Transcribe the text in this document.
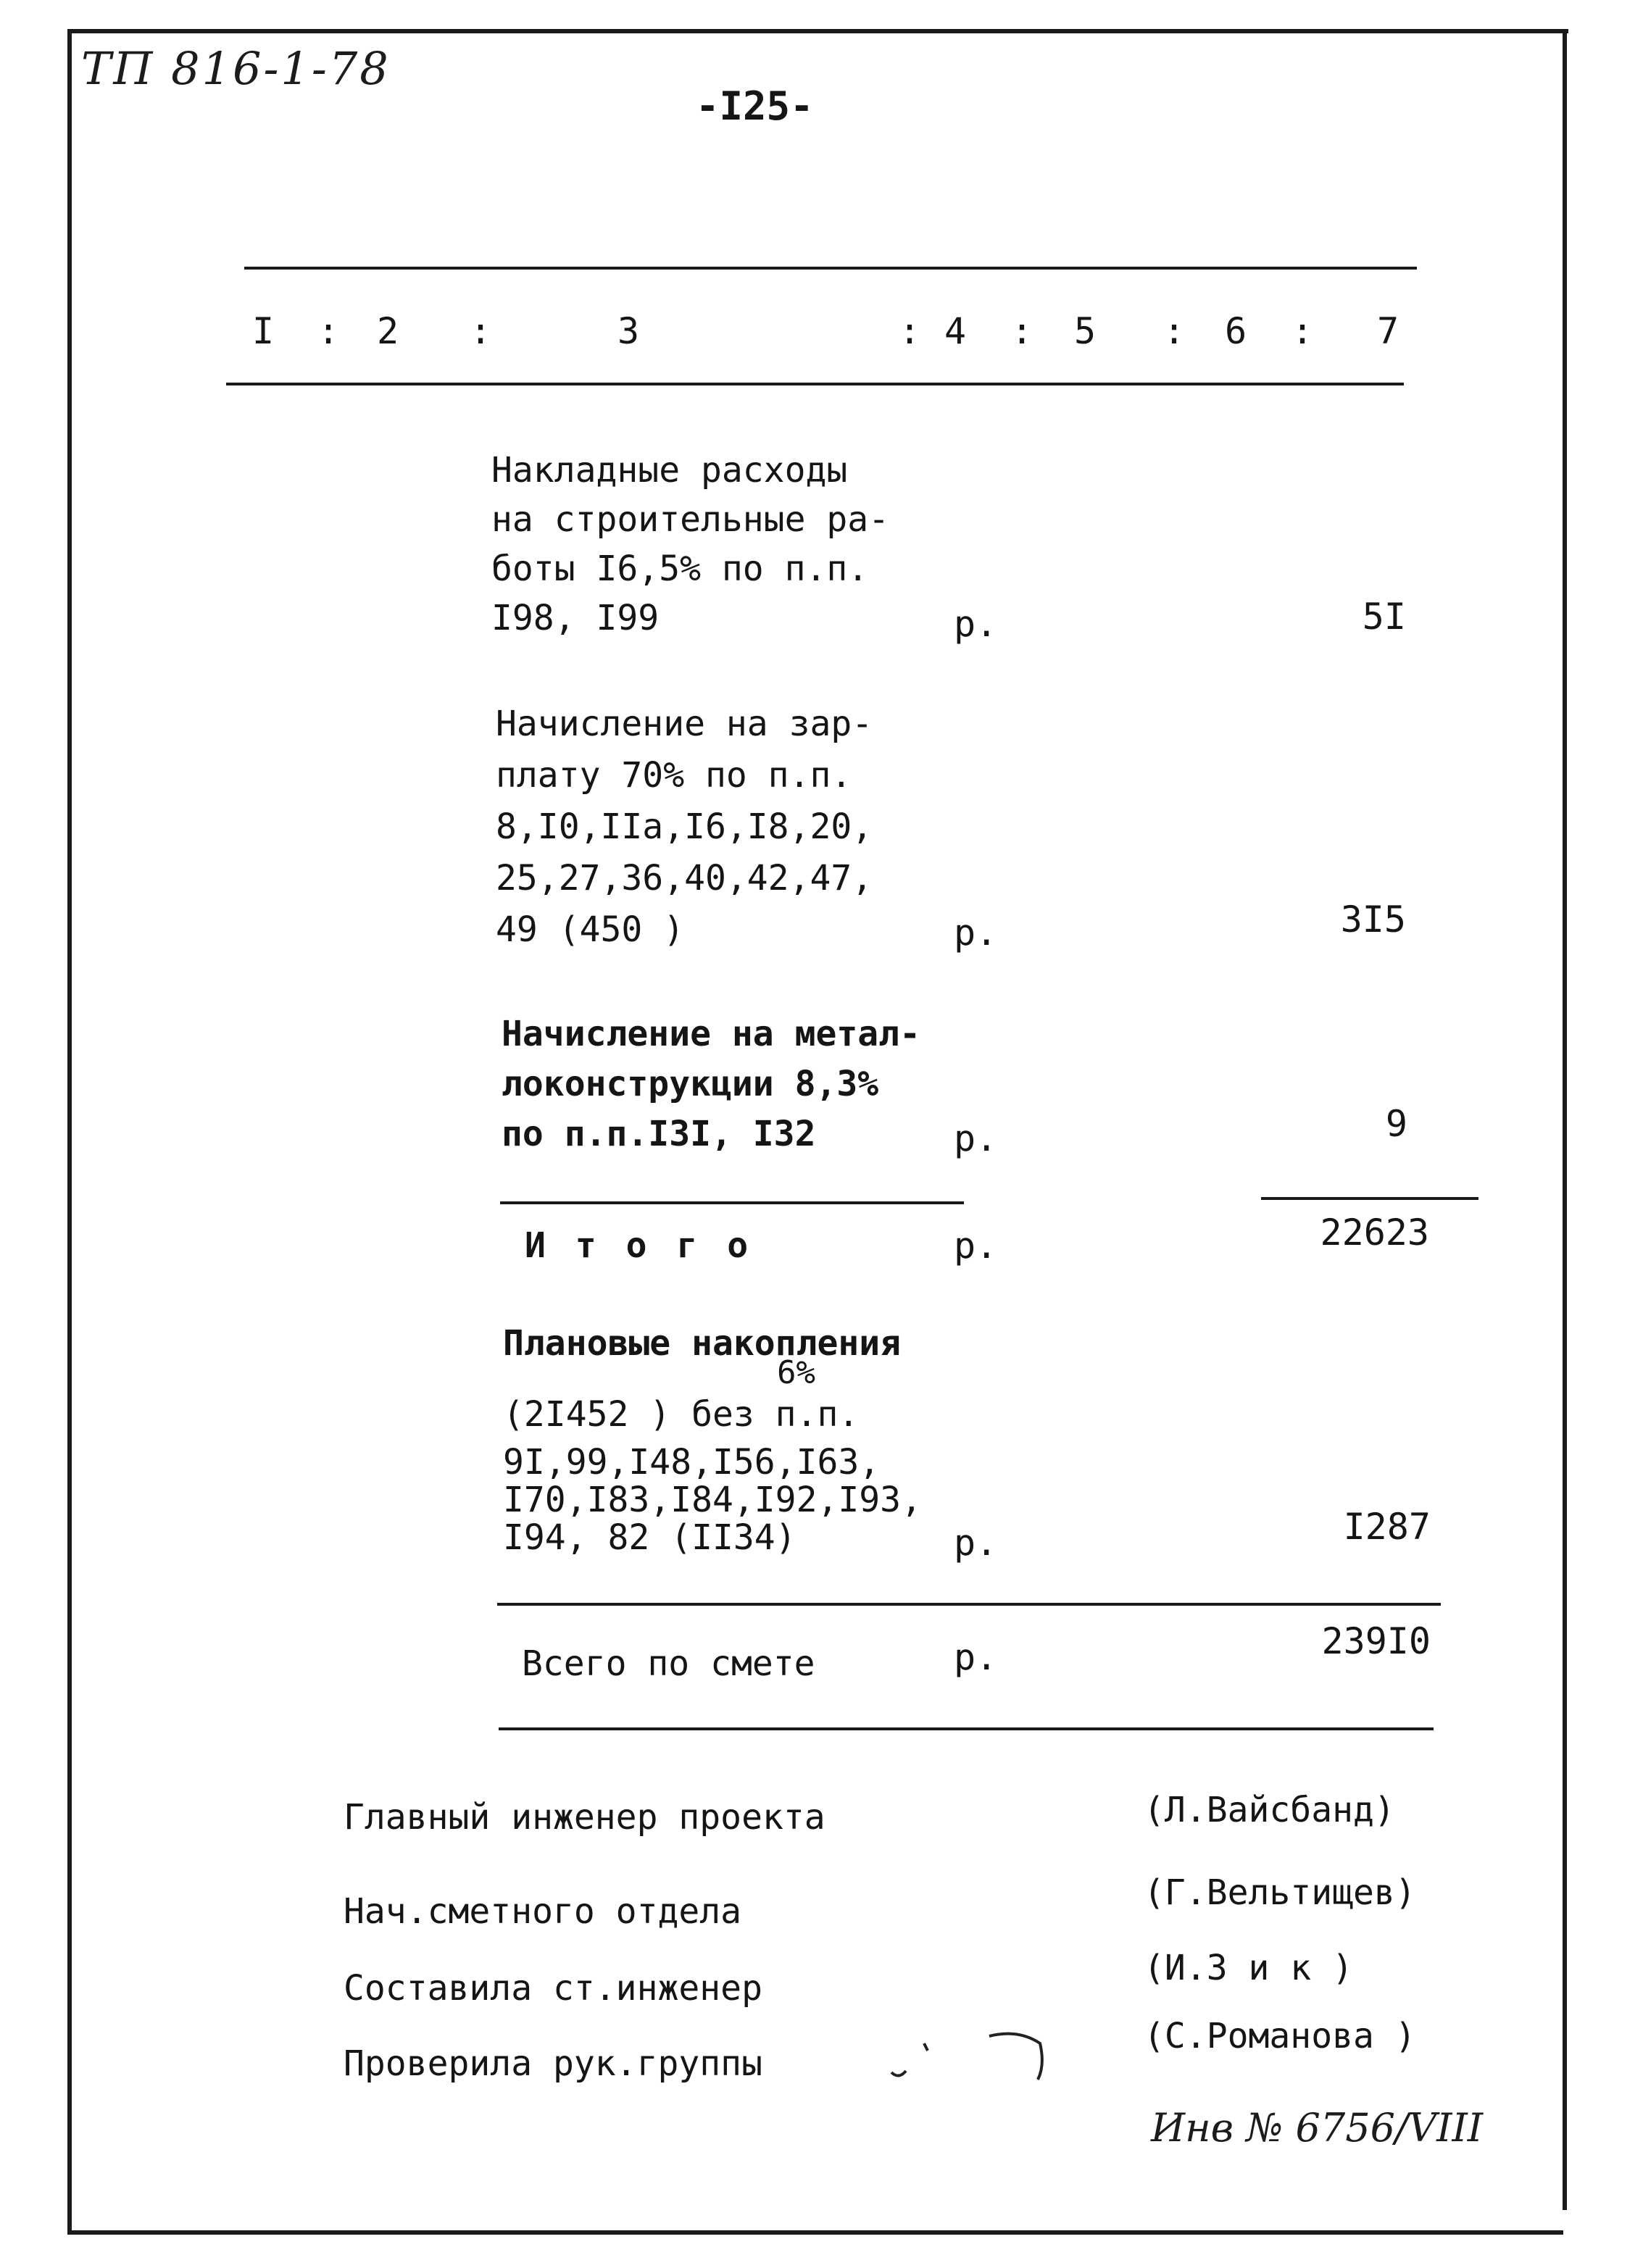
ТП 816-1‑78
-I25-
I : 2 :	3	: 4 : 5 : 6 : 7
Накладные расходы
на строительные ра-
боты I6,5% по п.п.
I98, I99	р.	5I
Начисление на зар-
плату 70% по п.п.
8,I0,IIa,I6,I8,20,
25,27,36,40,42,47,
49 (450 )	р.	3I5
Начисление на метал-
локонструкции 8,3%
по п.п.I3I, I32	р.	9
И т о г о	р.	22623
Плановые накопления
6%
(2I452 ) без п.п.
9I,99,I48,I56,I63,
I70,I83,I84,I92,I93,
I94, 82 (II34)	р.	I287
Всего по смете	р.	239I0
Главный инженер проекта	(Л.Вайсбанд)
Нач.сметного отдела	(Г.Вельтищев)
Составила ст.инженер	(И.З и к )
Проверила рук.группы
(С.Романова )
Инв № 6756/VIII
